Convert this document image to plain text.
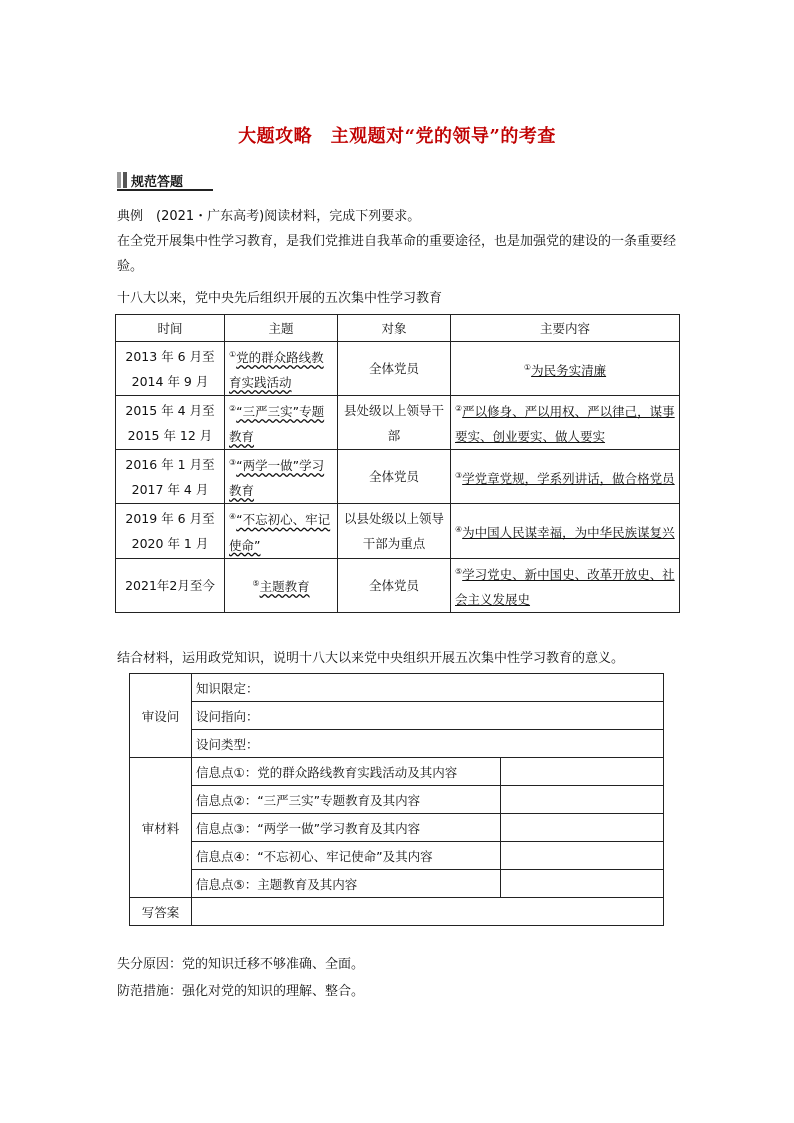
大题攻略　主观题对“党的领导”的考查
规范答题
典例　(2021・广东高考)阅读材料，完成下列要求。
在全党开展集中性学习教育，是我们党推进自我革命的重要途径，也是加强党的建设的一条重要经验。
十八大以来，党中央先后组织开展的五次集中性学习教育
时间	主题	对象	主要内容
2013 年 6 月至 2014 年 9 月	①党的群众路线教育实践活动	全体党员	①为民务实清廉
2015 年 4 月至 2015 年 12 月	②“三严三实”专题教育	县处级以上领导干部	②严以修身、严以用权、严以律己，谋事要实、创业要实、做人要实
2016 年 1 月至 2017 年 4 月	③“两学一做”学习教育	全体党员	③学党章党规，学系列讲话，做合格党员
2019 年 6 月至 2020 年 1 月	④“不忘初心、牢记使命”	以县处级以上领导干部为重点	④为中国人民谋幸福，为中华民族谋复兴
2021年2月至今	⑤主题教育	全体党员	⑤学习党史、新中国史、改革开放史、社会主义发展史
结合材料，运用政党知识，说明十八大以来党中央组织开展五次集中性学习教育的意义。
审设问	知识限定：	
	设问指向：	
	设问类型：	
审材料	信息点①：党的群众路线教育实践活动及其内容	
	信息点②：“三严三实”专题教育及其内容	
	信息点③：“两学一做”学习教育及其内容	
	信息点④：“不忘初心、牢记使命”及其内容	
	信息点⑤：主题教育及其内容	
写答案		
失分原因：党的知识迁移不够准确、全面。
防范措施：强化对党的知识的理解、整合。
